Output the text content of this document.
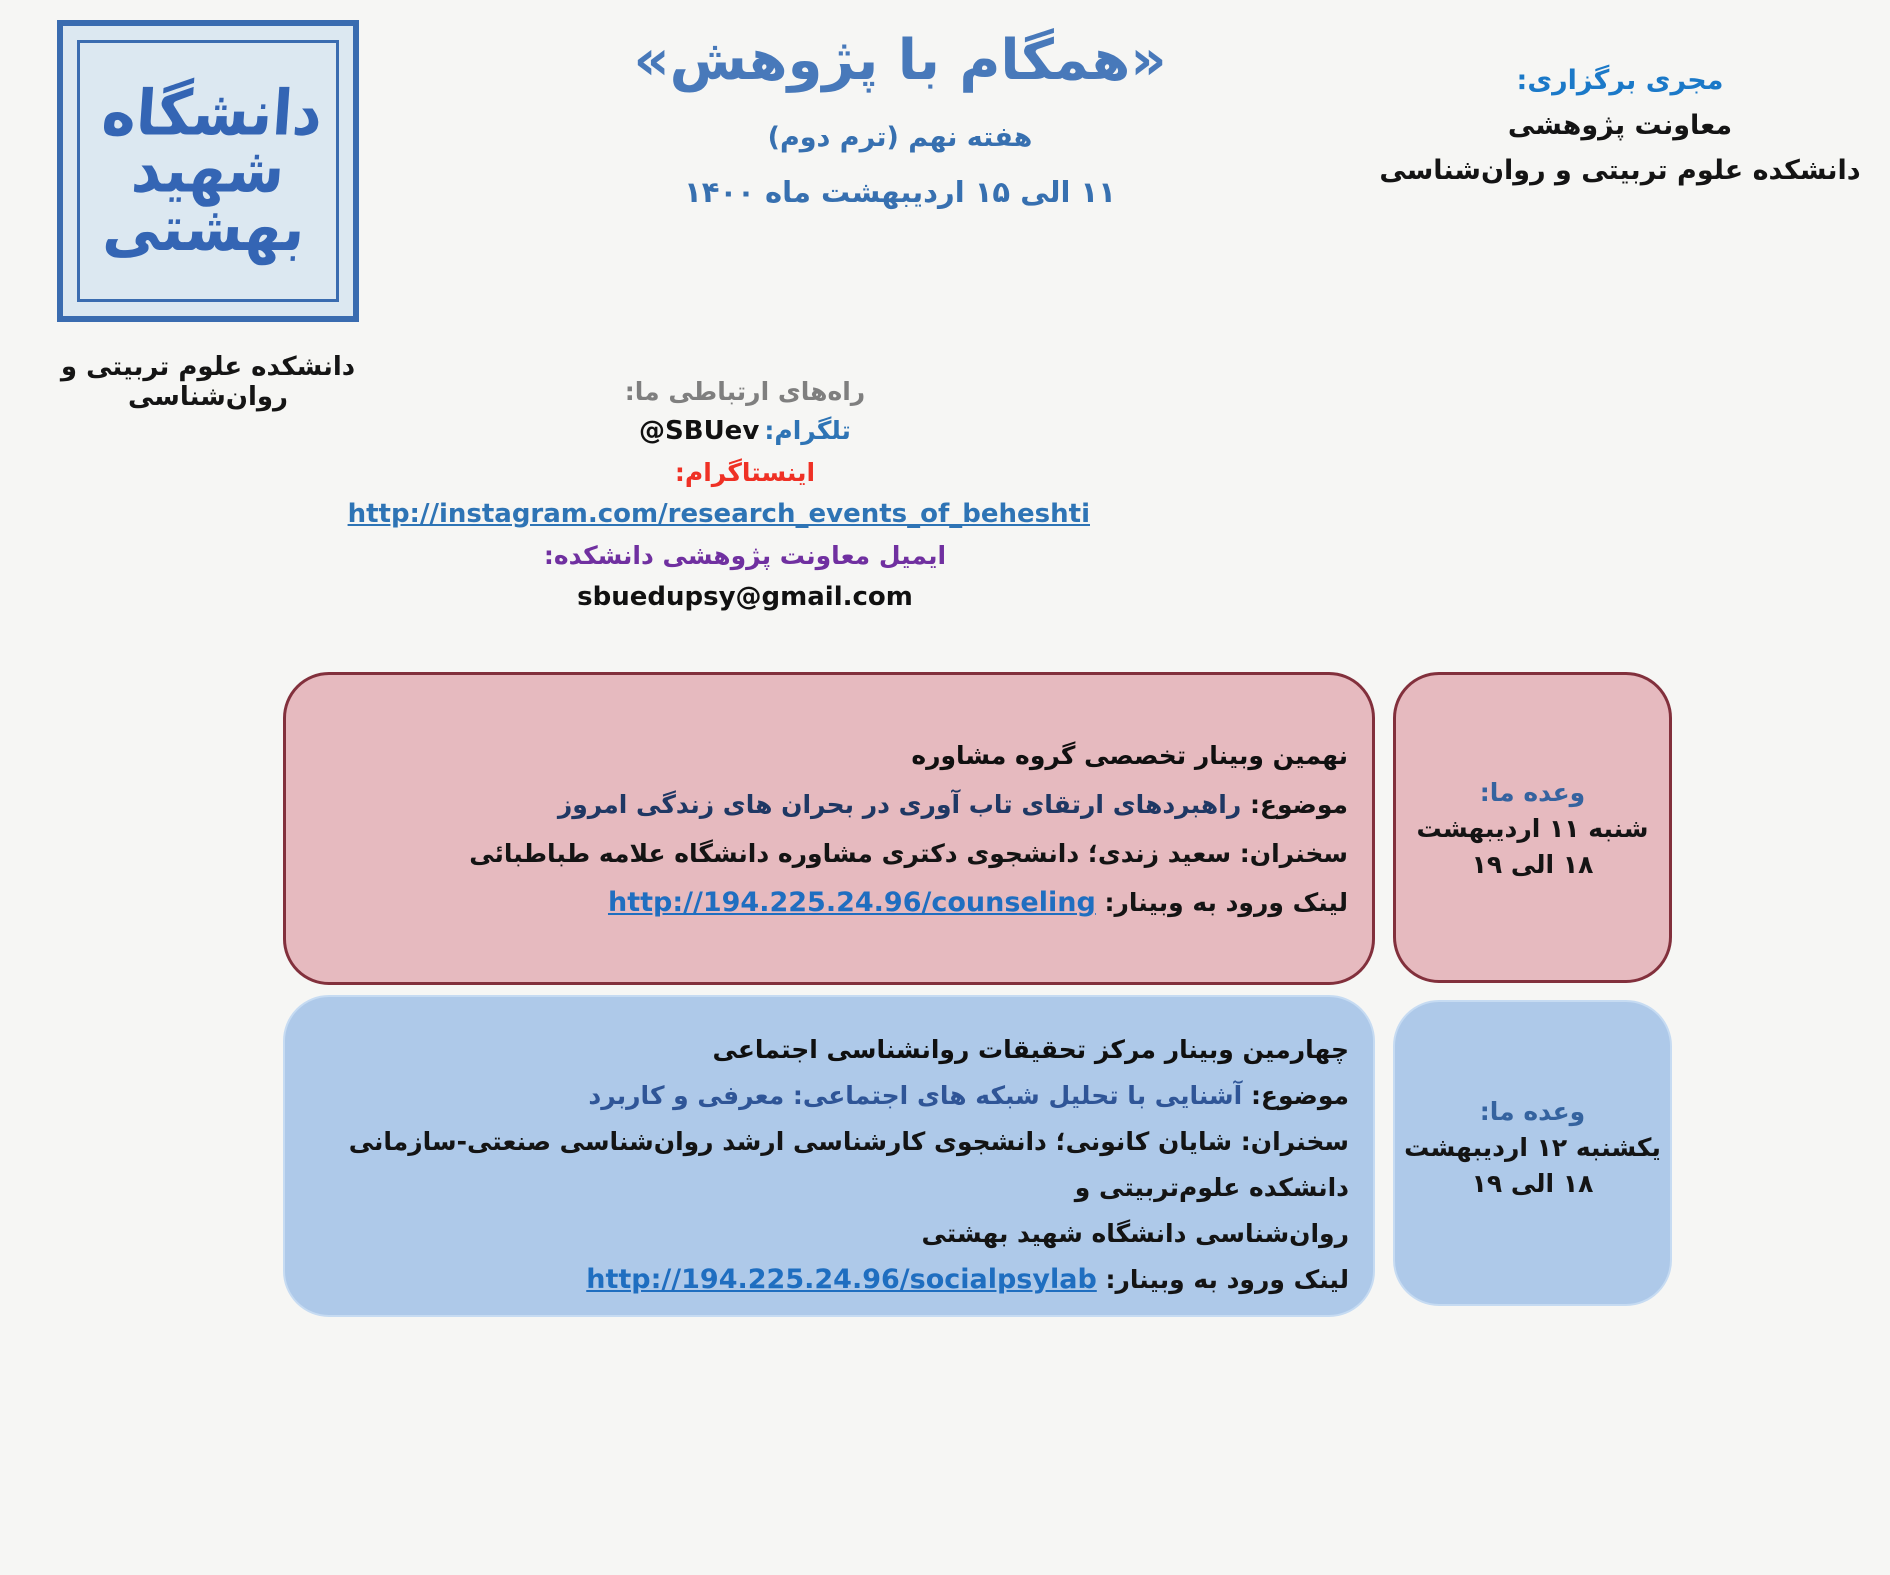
دانشگاه
شهید
بهشتی
دانشکده علوم تربیتی و روان‌شناسی
«همگام با پژوهش»
هفته نهم (ترم دوم)
۱۱ الی ۱۵ اردیبهشت ماه ۱۴۰۰
مجری برگزاری:
معاونت پژوهشی
دانشکده علوم تربیتی و روان‌شناسی
راه‌های ارتباطی ما:
تلگرام: @SBUev
اینستاگرام: http://instagram.com/research_events_of_beheshti
ایمیل معاونت پژوهشی دانشکده: sbuedupsy@gmail.com
نهمین وبینار تخصصی گروه مشاوره
موضوع: راهبردهای ارتقای تاب آوری در بحران های زندگی امروز
سخنران: سعید زندی؛ دانشجوی دکتری مشاوره دانشگاه علامه طباطبائی
لینک ورود به وبینار: http://194.225.24.96/counseling
وعده ما:
شنبه ۱۱ اردیبهشت
۱۸ الی ۱۹
چهارمین وبینار مرکز تحقیقات روانشناسی اجتماعی
موضوع: آشنایی با تحلیل شبکه های اجتماعی: معرفی و کاربرد
سخنران: شایان کانونی؛ دانشجوی کارشناسی ارشد روان‌شناسی صنعتی-سازمانی دانشکده علوم‌تربیتی و
روان‌شناسی دانشگاه شهید بهشتی
لینک ورود به وبینار: http://194.225.24.96/socialpsylab
وعده ما:
یکشنبه ۱۲ اردیبهشت
۱۸ الی ۱۹
